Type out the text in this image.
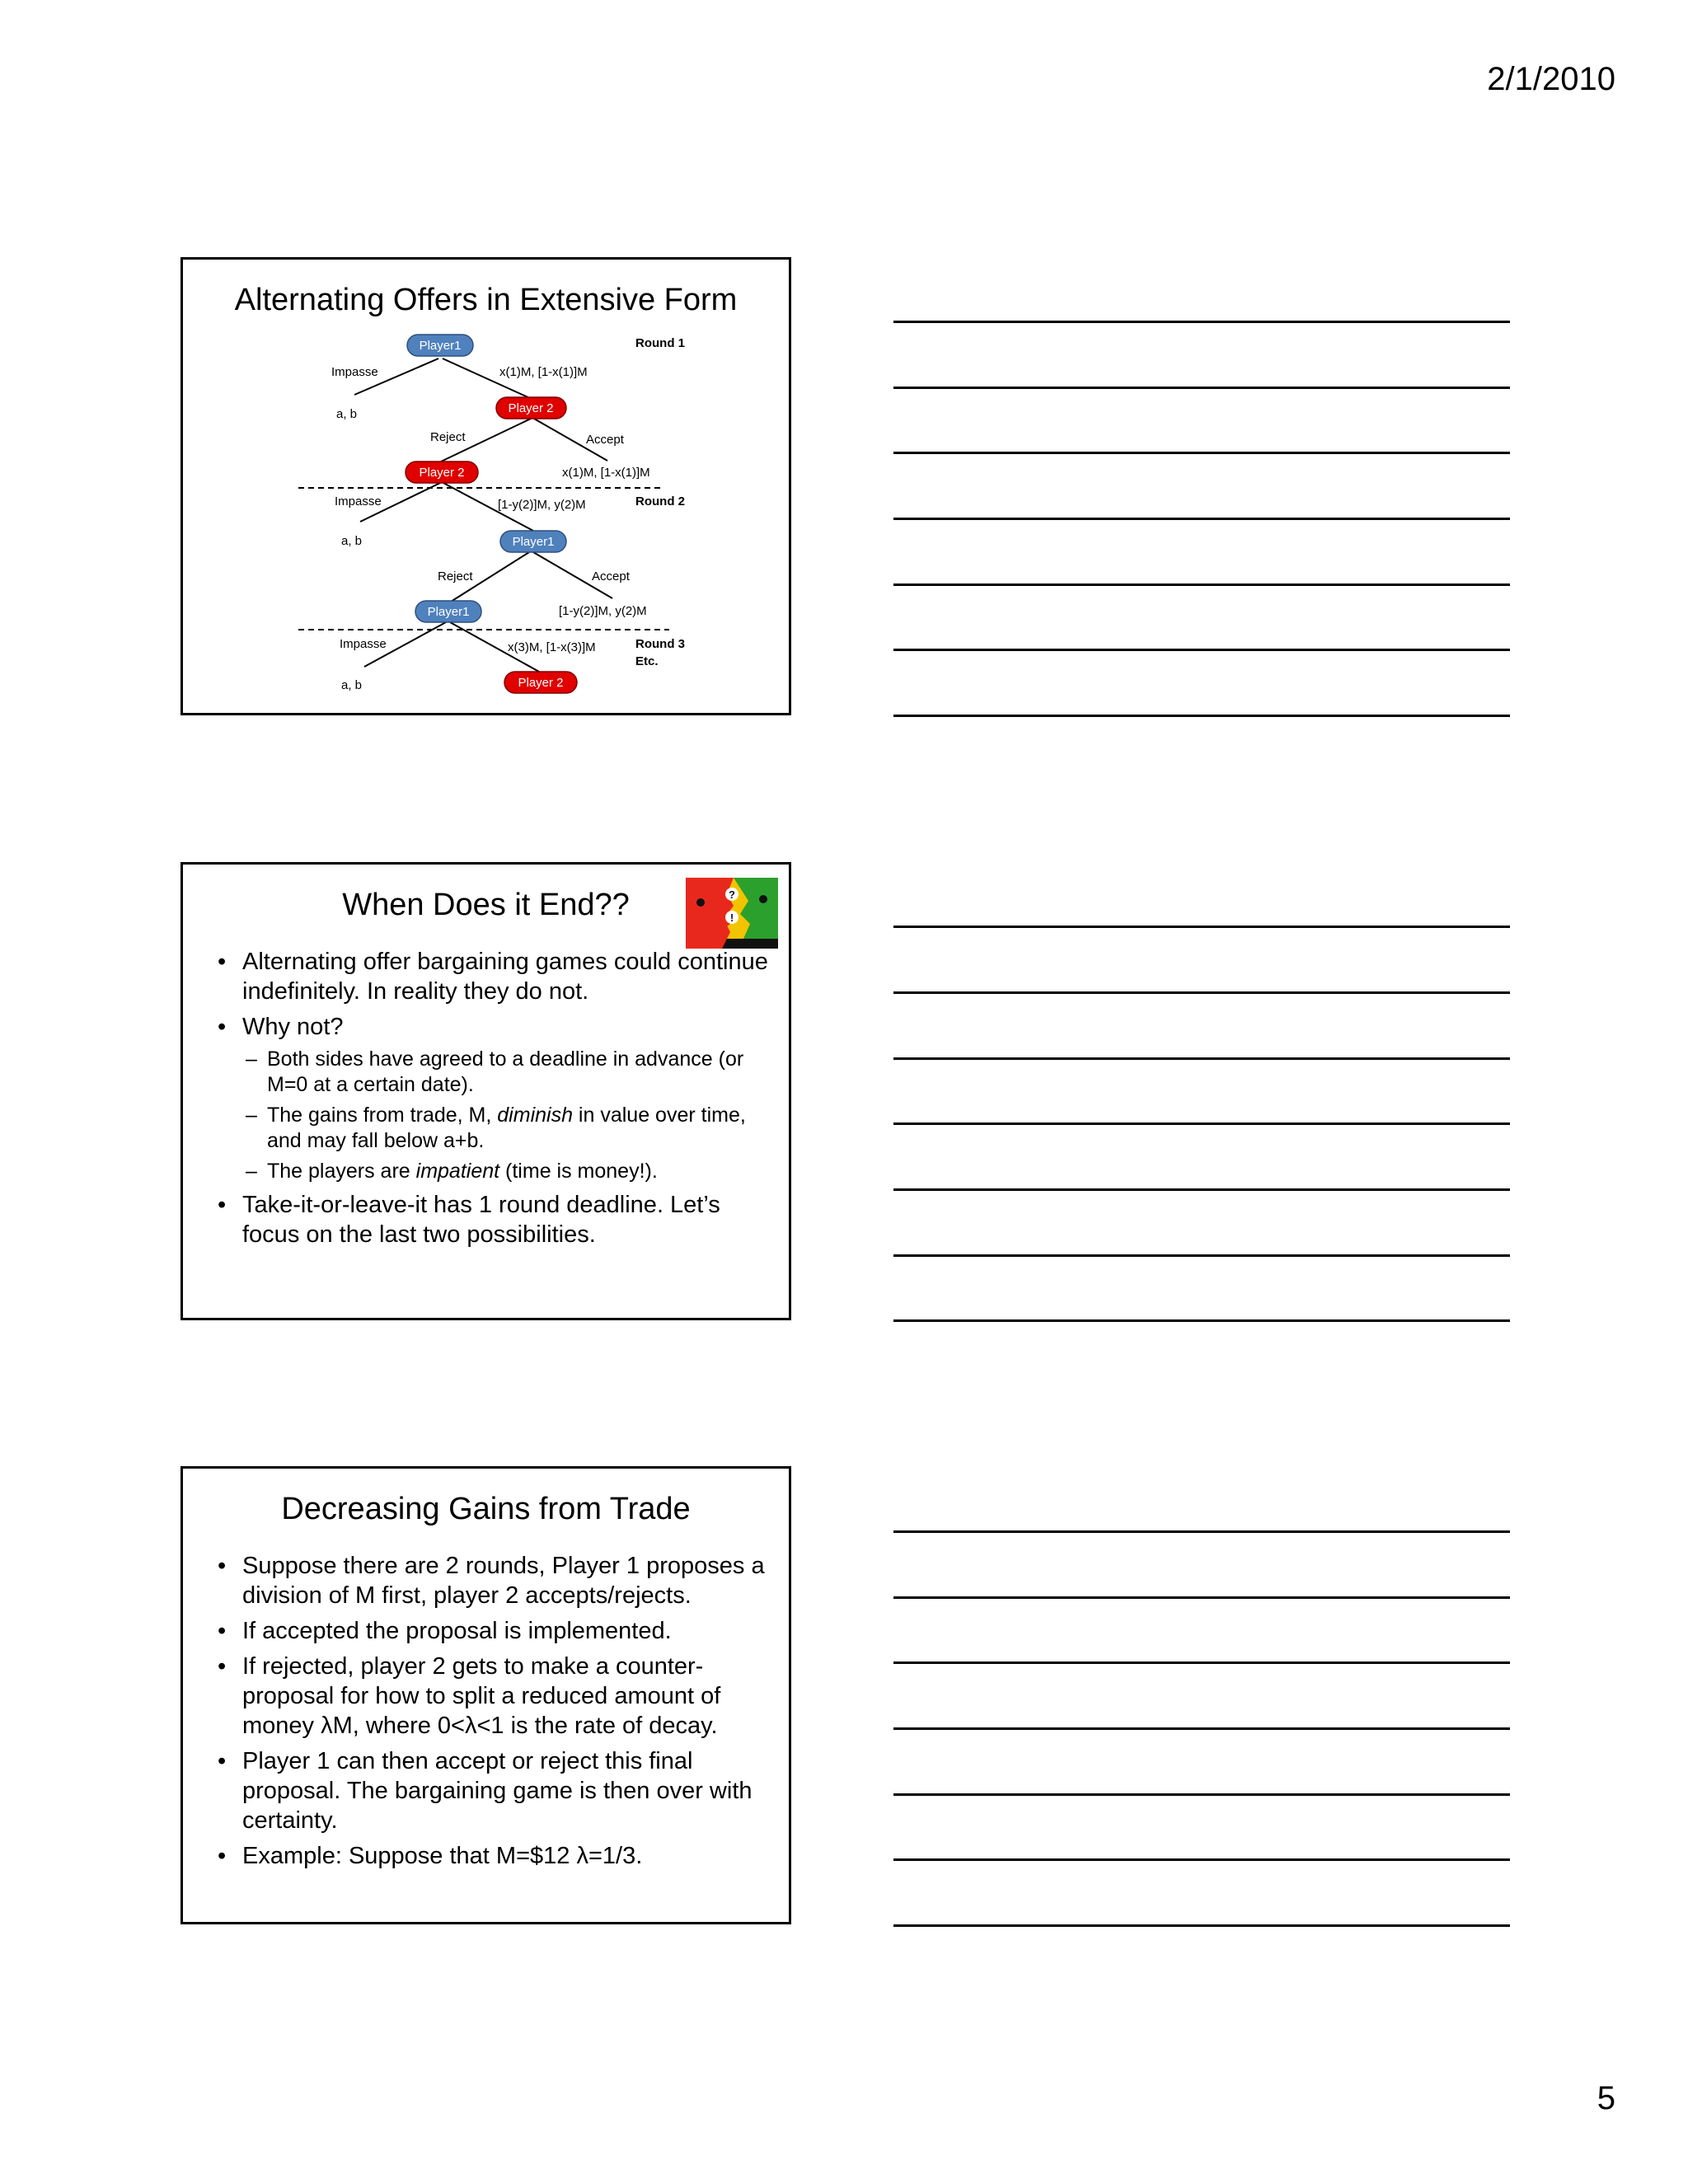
2/1/2010
Alternating Offers in Extensive Form
Player1
Player 2
Player 2
Player1
Player1
Player 2
Round 1
Impasse	x(1)M, [1-x(1)]M
a, b
Reject	Accept
x(1)M, [1-x(1)]M
Impasse	[1-y(2)]M, y(2)M	Round 2
a, b
Reject	Accept
[1-y(2)]M, y(2)M
Impasse	x(3)M, [1-x(3)]M	Round 3
Etc.
a, b
When Does it End??	?
!
• Alternating offer bargaining games could continue indefinitely. In reality they do not.
• Why not?
– Both sides have agreed to a deadline in advance (or M=0 at a certain date).
– The gains from trade, M, diminish in value over time, and may fall below a+b.
– The players are impatient (time is money!).
• Take-it-or-leave-it has 1 round deadline. Let’s focus on the last two possibilities.
Decreasing Gains from Trade
• Suppose there are 2 rounds, Player 1 proposes a division of M first, player 2 accepts/rejects.
• If accepted the proposal is implemented.
• If rejected, player 2 gets to make a counter-proposal for how to split a reduced amount of money λM, where 0<λ<1 is the rate of decay.
• Player 1 can then accept or reject this final proposal. The bargaining game is then over with certainty.
• Example: Suppose that M=$12 λ=1/3.
5
